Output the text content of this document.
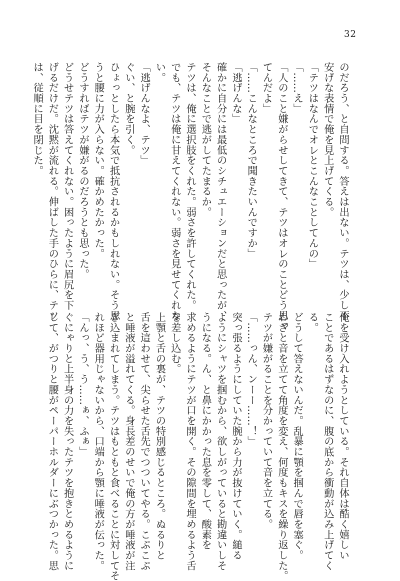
32
のだろう、と自問する。答えは出ない。テツは、少し不
安げな表情で俺を見上げてくる。
「テツはなんでオレとこんなことしてんの」
「……え」
「人のこと嫌がらせしてきて、テツはオレのことどう思っ
てんだよ」
「……こんなところで聞きたいんですか」
「逃げんな」
確かに自分には最低のシチュエーションだと思ったが、
そんなことで逃がしてたまるか。
テツは、俺に選択肢をくれた。弱さを許してくれた。
でも、テツは俺に甘えてくれない。弱さを見せてくれな
い。
「逃げんなよ、テツ」
ぐい、と腕を引く。
ひょっとしたら本気で抵抗されるかもしれない。そう思
うと腰に力が入らない。確かめたかった。
どうすればテツが嫌がるのだろうとも思った。
どうせテツは答えてくれない。困ったように眉尻を下
げるだけだ。沈黙が流れる。伸ばした手のひらに、テツ
は、従順に目を閉じた。
俺を受け入れようとしている。それ自体は酷く嬉しい
ことであるはずなのに、腹の底から衝動が込み上げてく
る。
どうして答えないんだ。乱暴に顎を掴んで唇を塞ぐ。
わざと音を立てて角度を変え、何度もキスを繰り返した。
テツが嫌がることを分かっていて音を立てる。
「……っん、ンーー……！」
突っ張るようにしていた腕から力が抜けていく。縋る
ようにシャツを掴むから、欲しがっていると勘違いしそ
うになる。ん、と鼻にかかった息を零して、酸素を
求めるようにテツが口を開く。その隙間を埋めるよう舌
を差し込む。
上顎と舌の裏が、テツの特別感じるところ。ぬるりと
舌を這わせて、尖らせた舌先でつついてやる。こぷこぷ
と唾液が溢れてくる。身長差のせいで俺の方が唾液が注
ぎ込まれてしまう。テツはもともと食べることに対してそ
れほど器用じゃないから、口端から顎に唾液が伝った。
「んっ、う、う……ぁ、ふぁ」
ぐにゃりと上半身の力を失ったテツを抱きとめるように
して、がつりと腰がペーパーホルダーにぶつかった。思
